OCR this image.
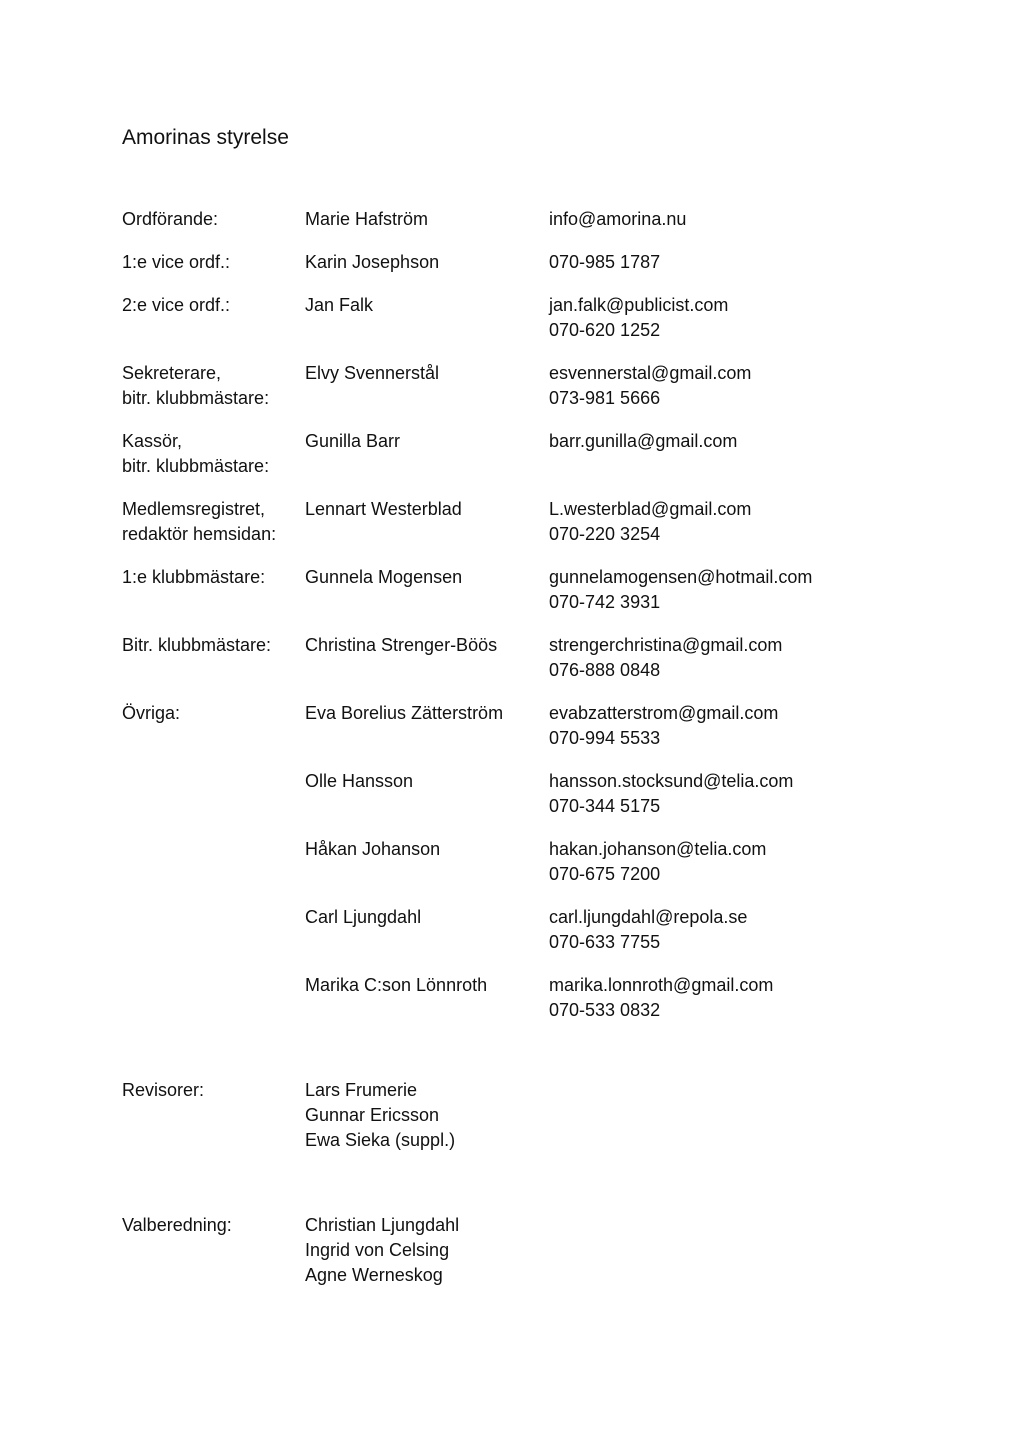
Amorinas styrelse
Ordförande:	Marie Hafström	info@amorina.nu
1:e vice ordf.:	Karin Josephson	070-985 1787
2:e vice ordf.:	Jan Falk	jan.falk@publicist.com
070-620 1252
Sekreterare,
bitr. klubbmästare:
Elvy Svennerstål	esvennerstal@gmail.com
073-981 5666
Kassör,
bitr. klubbmästare:
Gunilla Barr	barr.gunilla@gmail.com
Medlemsregistret,
redaktör hemsidan:
Lennart Westerblad	L.westerblad@gmail.com
070-220 3254
1:e klubbmästare:	Gunnela Mogensen	gunnelamogensen@hotmail.com
070-742 3931
Bitr. klubbmästare:	Christina Strenger-Böös	strengerchristina@gmail.com
076-888 0848
Övriga:	Eva Borelius Zätterström	evabzatterstrom@gmail.com
070-994 5533
Olle Hansson	hansson.stocksund@telia.com
070-344 5175
Håkan Johanson	hakan.johanson@telia.com
070-675 7200
Carl Ljungdahl	carl.ljungdahl@repola.se
070-633 7755
Marika C:son Lönnroth	marika.lonnroth@gmail.com
070-533 0832
Revisorer:	Lars Frumerie
Gunnar Ericsson
Ewa Sieka (suppl.)
Valberedning:	Christian Ljungdahl
Ingrid von Celsing
Agne Werneskog
